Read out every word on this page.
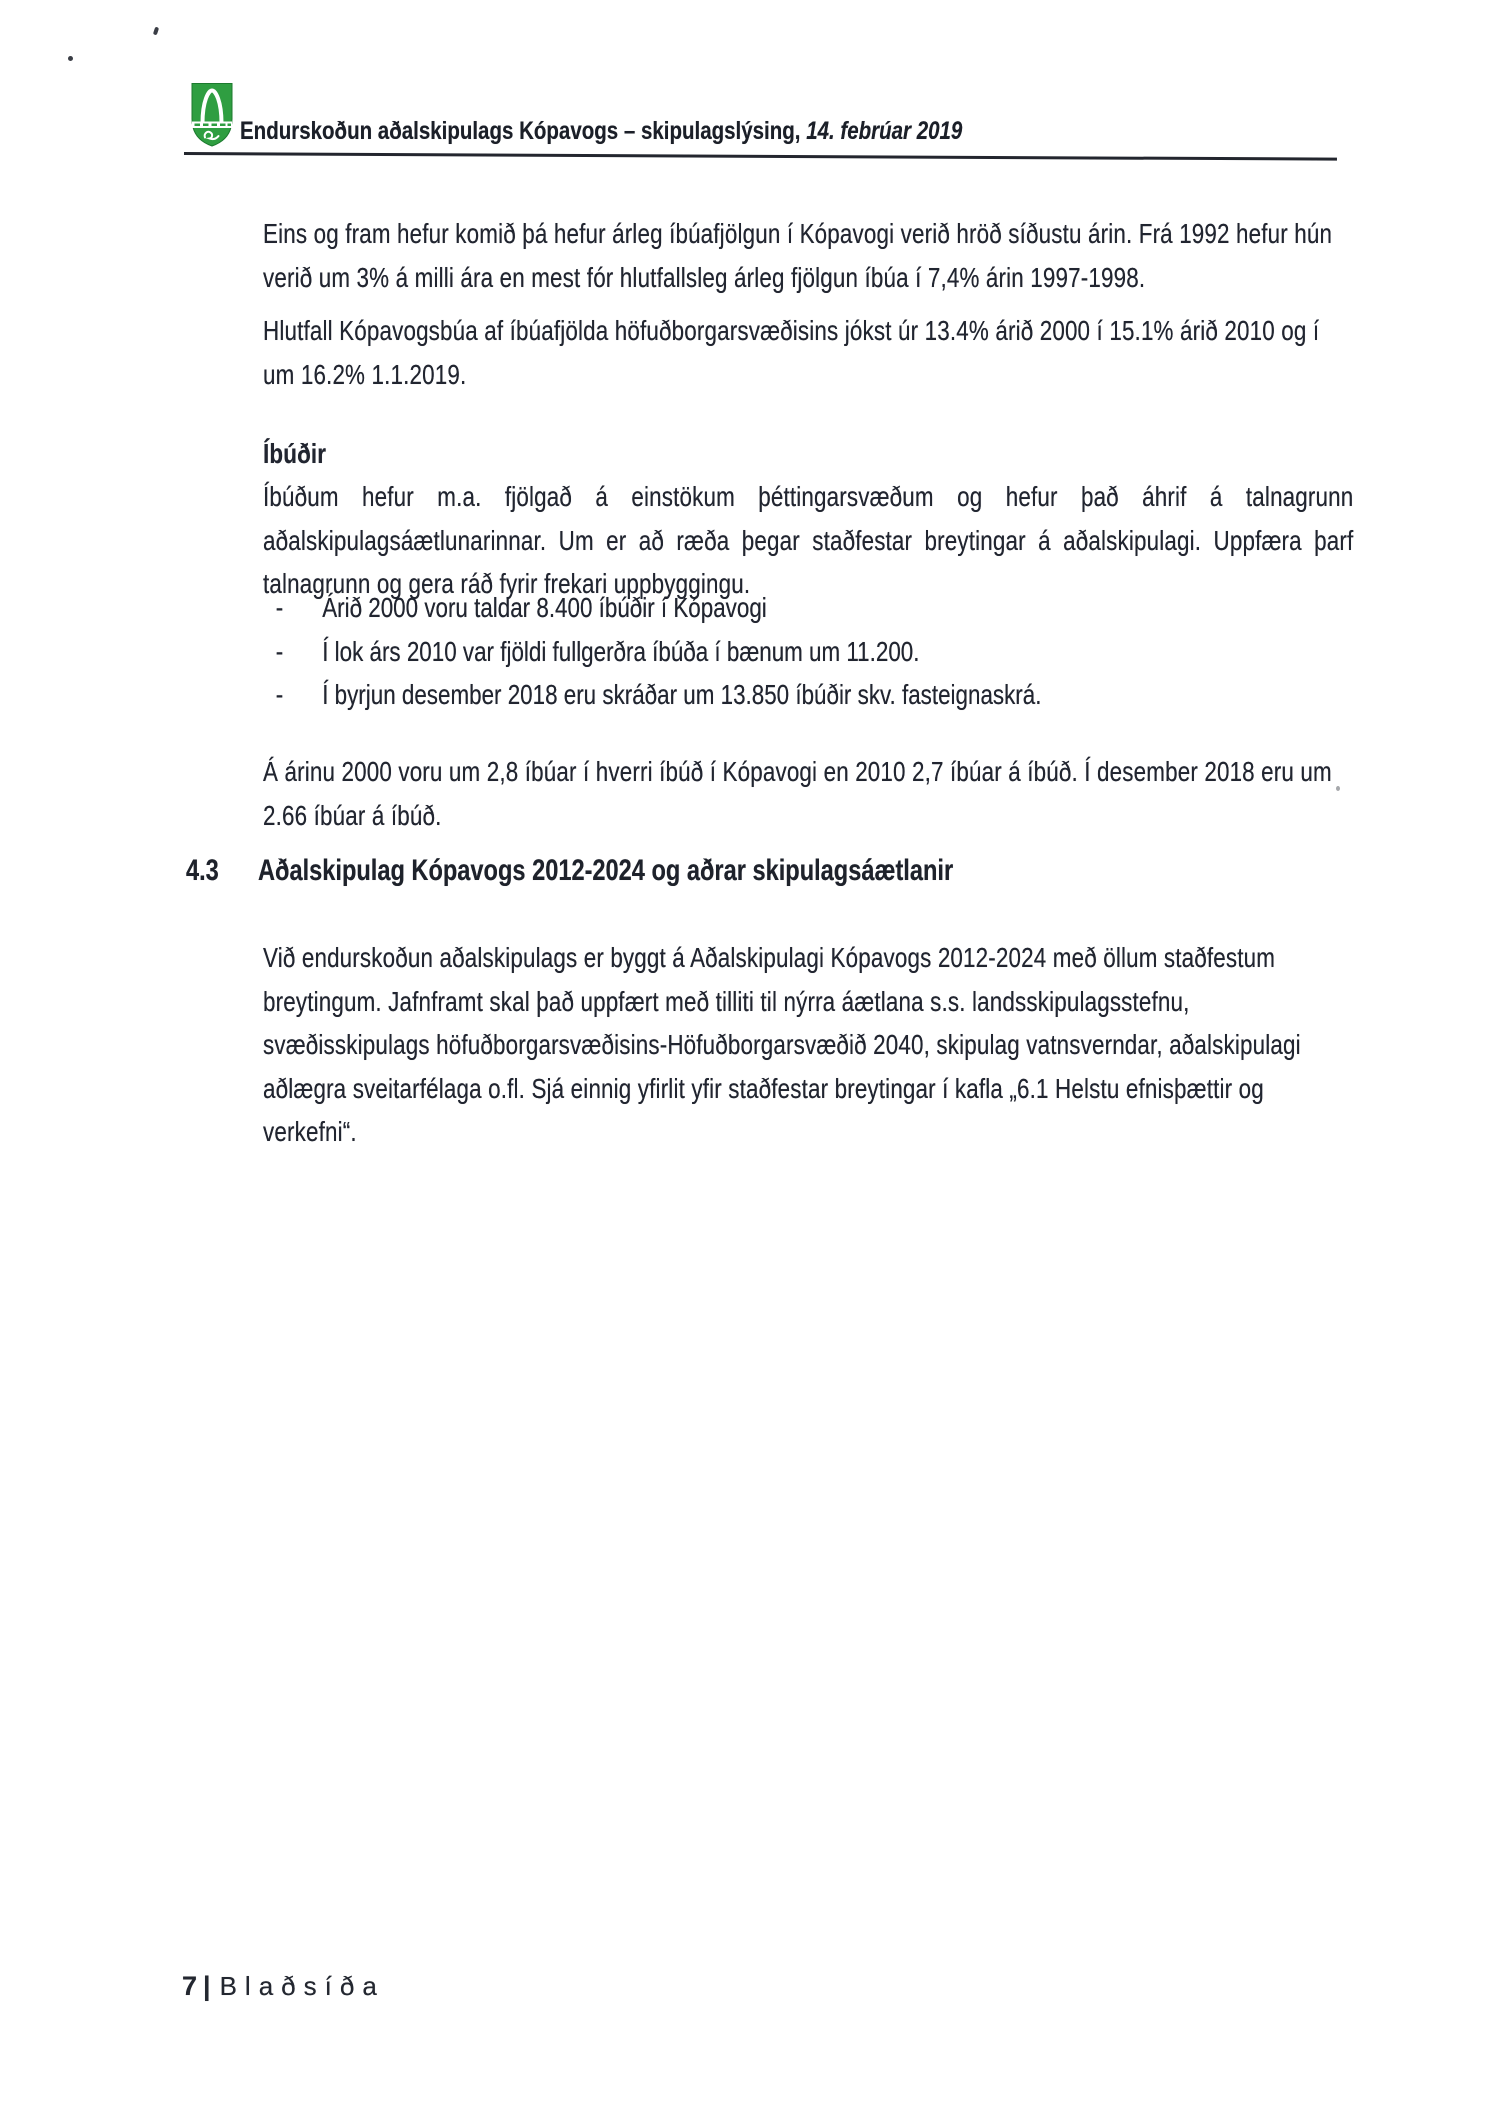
Endurskoðun aðalskipulags Kópavogs – skipulagslýsing, 14. febrúar 2019

Eins og fram hefur komið þá hefur árleg íbúafjölgun í Kópavogi verið hröð síðustu árin. Frá 1992 hefur hún verið um 3% á milli ára en mest fór hlutfallsleg árleg fjölgun íbúa í 7,4% árin 1997-1998.

Hlutfall Kópavogsbúa af íbúafjölda höfuðborgarsvæðisins jókst úr 13.4% árið 2000 í 15.1% árið 2010 og í um 16.2% 1.1.2019.

Íbúðir

Íbúðum hefur m.a. fjölgað á einstökum þéttingarsvæðum og hefur það áhrif á talnagrunn aðalskipulagsáætlunarinnar. Um er að ræða þegar staðfestar breytingar á aðalskipulagi. Uppfæra þarf talnagrunn og gera ráð fyrir frekari uppbyggingu.

-	Árið 2000 voru taldar 8.400 íbúðir í Kópavogi
-	Í lok árs 2010 var fjöldi fullgerðra íbúða í bænum um 11.200.
-	Í byrjun desember 2018 eru skráðar um 13.850 íbúðir skv. fasteignaskrá.

Á árinu 2000 voru um 2,8 íbúar í hverri íbúð í Kópavogi en 2010 2,7 íbúar á íbúð. Í desember 2018 eru um 2.66 íbúar á íbúð.

4.3	Aðalskipulag Kópavogs 2012-2024 og aðrar skipulagsáætlanir

Við endurskoðun aðalskipulags er byggt á Aðalskipulagi Kópavogs 2012-2024 með öllum staðfestum breytingum. Jafnframt skal það uppfært með tilliti til nýrra áætlana s.s. landsskipulagsstefnu, svæðisskipulags höfuðborgarsvæðisins-Höfuðborgarsvæðið 2040, skipulag vatnsverndar, aðalskipulagi aðlægra sveitarfélaga o.fl. Sjá einnig yfirlit yfir staðfestar breytingar í kafla „6.1 Helstu efnisþættir og verkefni“.

7 | Blaðsíða
